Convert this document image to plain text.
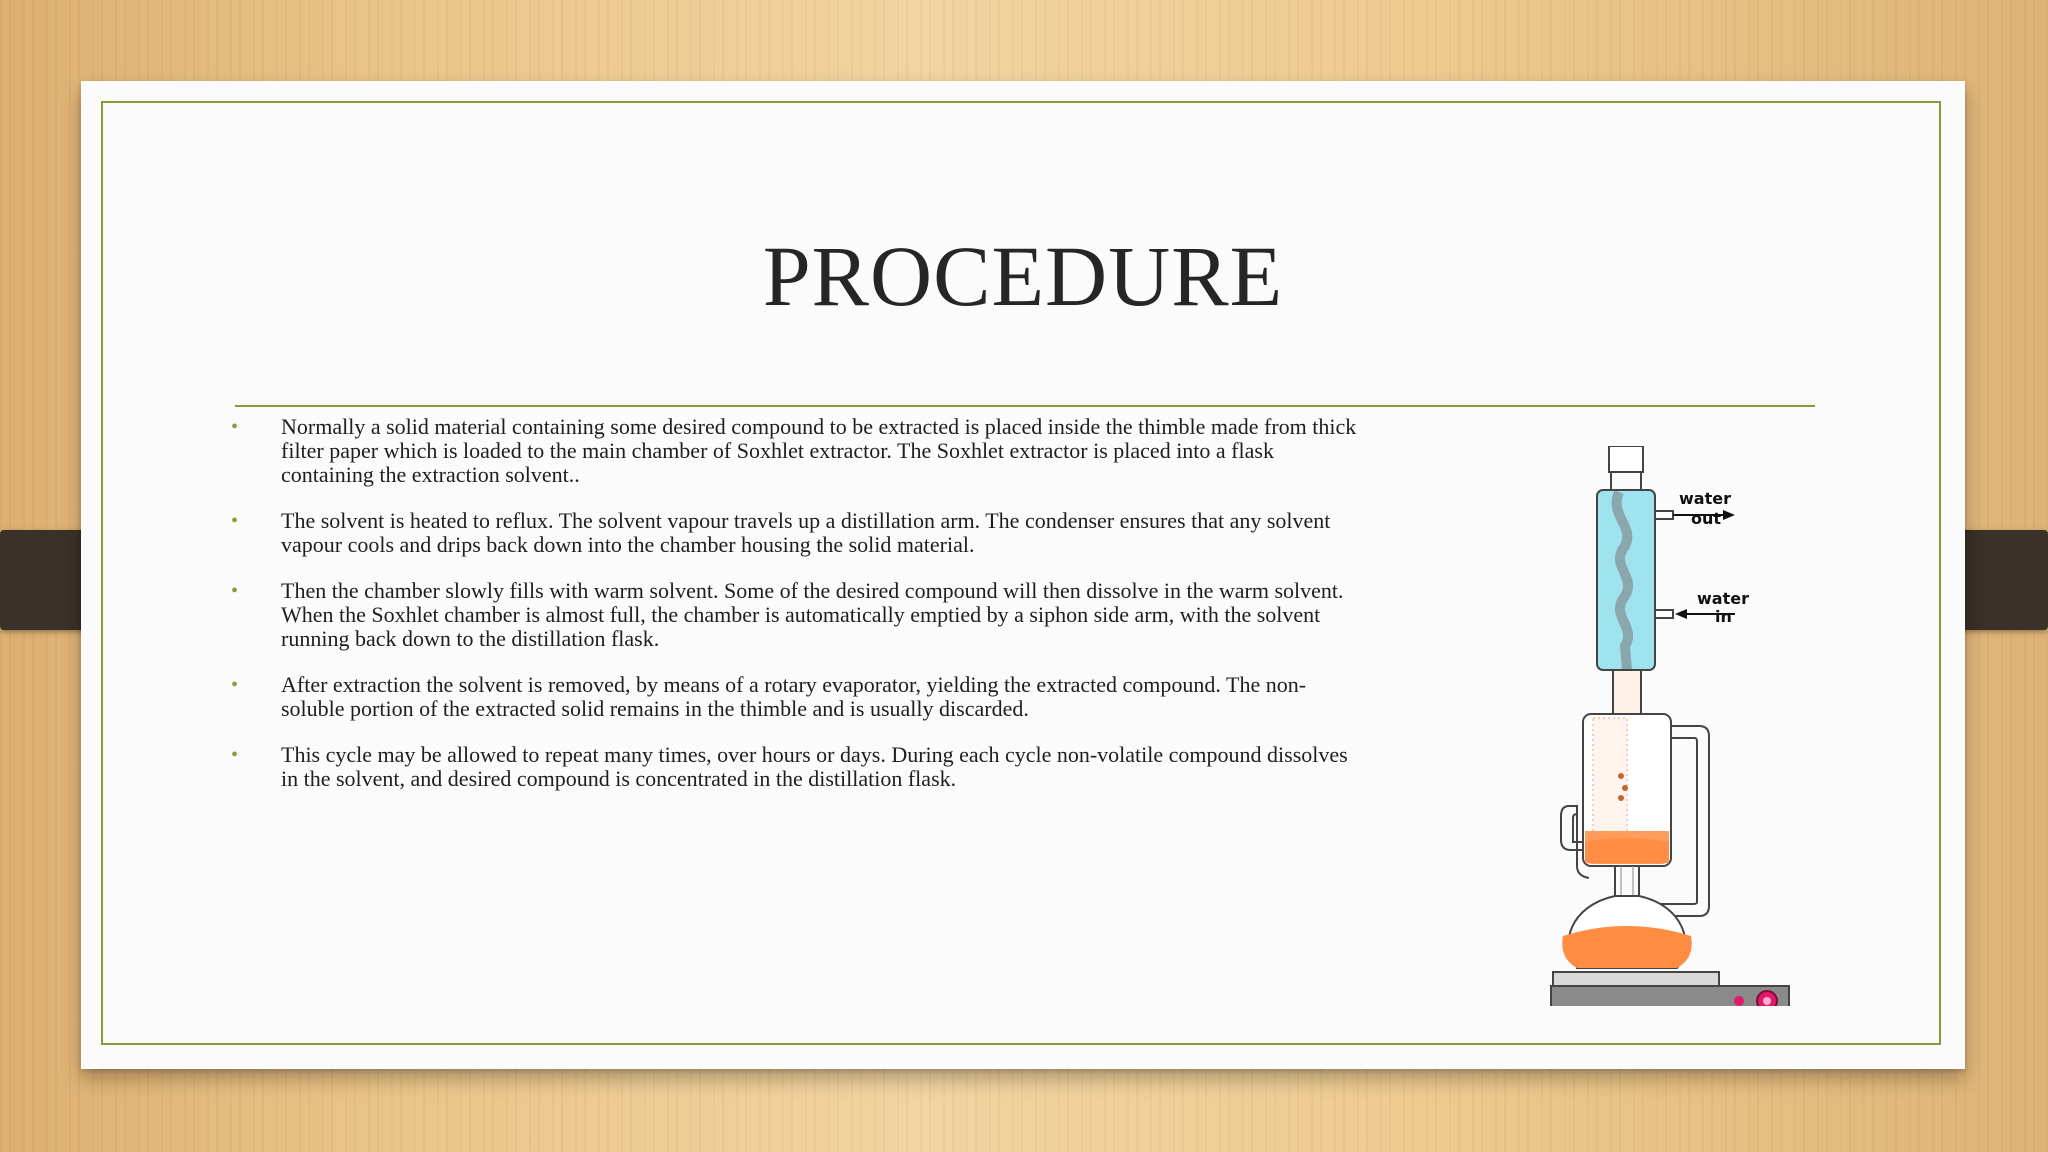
PROCEDURE
• Normally a solid material containing some desired compound to be extracted is placed inside the thimble made from thick filter paper which is loaded to the main chamber of Soxhlet extractor. The Soxhlet extractor is placed into a flask containing the extraction solvent..
• The solvent is heated to reflux. The solvent vapour travels up a distillation arm. The condenser ensures that any solvent vapour cools and drips back down into the chamber housing the solid material.
• Then the chamber slowly fills with warm solvent. Some of the desired compound will then dissolve in the warm solvent. When the Soxhlet chamber is almost full, the chamber is automatically emptied by a siphon side arm, with the solvent running back down to the distillation flask.
• After extraction the solvent is removed, by means of a rotary evaporator, yielding the extracted compound. The non-soluble portion of the extracted solid remains in the thimble and is usually discarded.
• This cycle may be allowed to repeat many times, over hours or days. During each cycle non-volatile compound dissolves in the solvent, and desired compound is concentrated in the distillation flask.
water
out
water
in
